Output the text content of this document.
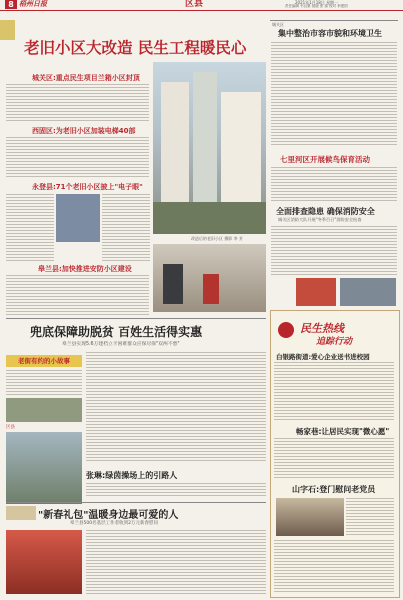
8 梧州日报	区县	2021年1月18日 星期一
责任编辑 韦汉豪 组版 张 赛 校对 李建国
老旧小区大改造 民生工程暖民心
城关区:重点民生项目兰箱小区封顶
西固区:为老旧小区加装电梯40部
永登县:71个老旧小区披上"电子眼"
皋兰县:加快推进安防小区建设
改造后的老旧小区 摄影 李 芳
城关区
集中整治市容市貌和环境卫生
七里河区开展候鸟保育活动
全面排查隐患 确保消防安全
城关区消防大队开展"冬季百日"消防安全检查
兜底保障助脱贫 百姓生活得实惠
皋兰县实现5.6万建档立卡困难群众应保尽保"双两不愁"
老街有约的小故事
区县
张琳:绿茵操场上的引路人
"新春礼包"温暖身边最可爱的人
皋兰县500名基层工作者收到2万元新春慰问
民生热线
追踪行动
白银路街道:爱心企业送书进校园
畅家巷:让居民实现"微心愿"
山字石:登门慰问老党员
